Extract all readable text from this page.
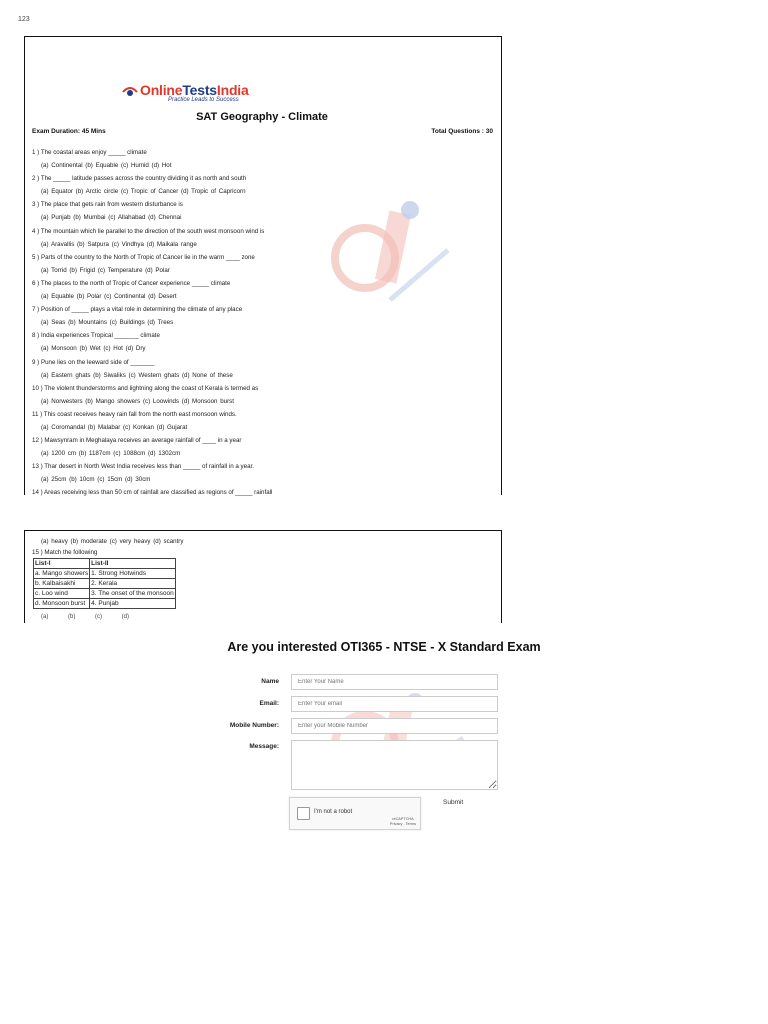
123
OnlineTestsIndia
Practice Leads to Success
SAT Geography - Climate
Exam Duration: 45 Mins	Total Questions : 30
1 ) The coastal areas enjoy _____ climate
(a) Continental (b) Equable (c) Humid (d) Hot
2 ) The _____ latitude passes across the country dividing it as north and south
(a) Equator (b) Arctic circle (c) Tropic of Cancer (d) Tropic of Capricorn
3 ) The place that gets rain from western disturbance is
(a) Punjab (b) Mumbai (c) Allahabad (d) Chennai
4 ) The mountain which lie parallel to the direction of the south west monsoon wind is
(a) Aravallis (b) Satpura (c) Vindhya (d) Maikala range
5 ) Parts of the country to the North of Tropic of Cancer lie in the warm ____ zone
(a) Torrid (b) Frigid (c) Temperature (d) Polar
6 ) The places to the north of Tropic of Cancer experience _____ climate
(a) Equable (b) Polar (c) Continental (d) Desert
7 ) Position of _____ plays a vital role in determining the climate of any place
(a) Seas (b) Mountains (c) Buildings (d) Trees
8 ) India experiences Tropical _______ climate
(a) Monsoon (b) Wet (c) Hot (d) Dry
9 ) Pune lies on the leeward side of _______
(a) Eastern ghats (b) Siwaliks (c) Western ghats (d) None of these
10 ) The violent thunderstorms and lightning along the coast of Kerala is termed as
(a) Norwesters (b) Mango showers (c) Loowinds (d) Monsoon burst
11 ) This coast receives heavy rain fall from the north east monsoon winds.
(a) Coromandal (b) Malabar (c) Konkan (d) Gujarat
12 ) Mawsynram in Meghalaya receives an average rainfall of ____ in a year
(a) 1200 cm (b) 1187cm (c) 1088cm (d) 1302cm
13 ) Thar desert in North West India receives less than _____ of rainfall in a year.
(a) 25cm (b) 10cm (c) 15cm (d) 30cm
14 ) Areas receiving less than 50 cm of rainfall are classified as regions of _____ rainfall
(a) heavy (b) moderate (c) very heavy (d) scantry
15 ) Match the following
List-I	List-II
a. Mango showers	1. Strong Hotwinds
b. Kalbaisakhi	2. Kerala
c. Loo wind	3. The onset of the monsoon
d. Monsoon burst	4. Punjab
(a) (b) (c) (d)
Are you interested OTI365 - NTSE - X Standard Exam
Name
Enter Your Name
Email:
Enter Your email
Mobile Number:
Enter your Mobile Number
Message:
I'm not a robot
reCAPTCHA
Privacy - Terms
Submit
